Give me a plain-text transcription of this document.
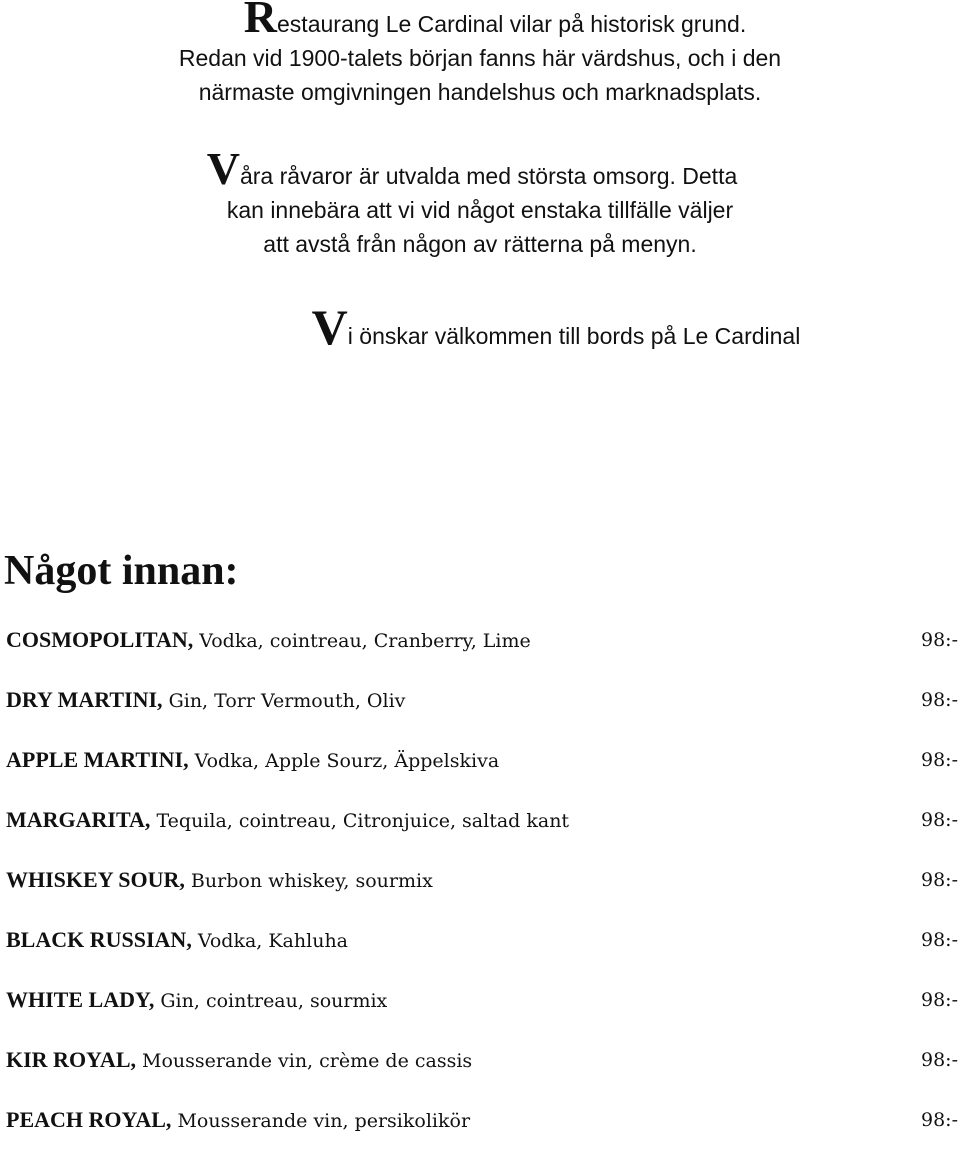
Restaurang Le Cardinal vilar på historisk grund.
Redan vid 1900-talets början fanns här värdshus, och i den
närmaste omgivningen handelshus och marknadsplats.
Våra råvaror är utvalda med största omsorg. Detta
kan innebära att vi vid något enstaka tillfälle väljer
att avstå från någon av rätterna på menyn.
Vi önskar välkommen till bords på Le Cardinal
Något innan:
COSMOPOLITAN, Vodka, cointreau, Cranberry, Lime	98:-
DRY MARTINI, Gin, Torr Vermouth, Oliv	98:-
APPLE MARTINI, Vodka, Apple Sourz, Äppelskiva	98:-
MARGARITA, Tequila, cointreau, Citronjuice, saltad kant	98:-
WHISKEY SOUR, Burbon whiskey, sourmix	98:-
BLACK RUSSIAN, Vodka, Kahluha	98:-
WHITE LADY, Gin, cointreau, sourmix	98:-
KIR ROYAL, Mousserande vin, crème de cassis	98:-
PEACH ROYAL, Mousserande vin, persikolikör	98:-
